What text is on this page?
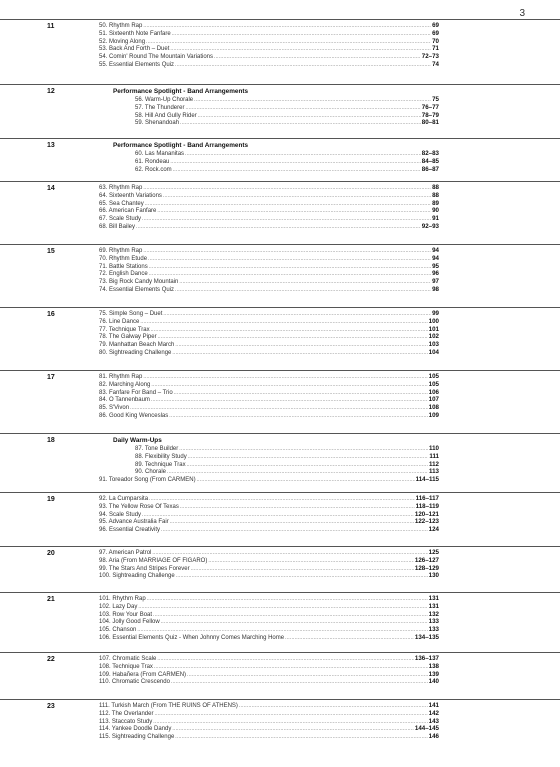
3
11	50. Rhythm Rap .....	69
51. Sixteenth Note Fanfare .....	69
52. Moving Along .....	70
53. Back And Forth – Duet .....	71
54. Comin' Round The Mountain Variations .....	72–73
55. Essential Elements Quiz .....	74
12	Performance Spotlight - Band Arrangements
56. Warm-Up Chorale .....	75
57. The Thunderer .....	76–77
58. Hill And Gully Rider .....	78–79
59. Shenandoah .....	80–81
13	Performance Spotlight - Band Arrangements
60. Las Mananitas .....	82–83
61. Rondeau .....	84–85
62. Rock.com .....	86–87
14	63. Rhythm Rap .....	88
64. Sixteenth Variations .....	88
65. Sea Chantey .....	89
66. American Fanfare .....	90
67. Scale Study .....	91
68. Bill Bailey .....	92–93
15	69. Rhythm Rap .....	94
70. Rhythm Etude .....	94
71. Battle Stations .....	95
72. English Dance .....	96
73. Big Rock Candy Mountain .....	97
74. Essential Elements Quiz .....	98
16	75. Simple Song – Duet .....	99
76. Line Dance .....	100
77. Technique Trax .....	101
78. The Galway Piper .....	102
79. Manhattan Beach March .....	103
80. Sightreading Challenge .....	104
17	81. Rhythm Rap .....	105
82. Marching Along .....	105
83. Fanfare For Band – Trio .....	106
84. O Tannenbaum .....	107
85. S'Vivon .....	108
86. Good King Wenceslas .....	109
18	Daily Warm-Ups
87. Tone Builder .....	110
88. Flexibility Study .....	111
89. Technique Trax .....	112
90. Chorale .....	113
91. Toreador Song (From CARMEN) .....	114–115
19	92. La Cumparsita .....	116–117
93. The Yellow Rose Of Texas .....	118–119
94. Scale Study .....	120–121
95. Advance Australia Fair .....	122–123
96. Essential Creativity .....	124
20	97. American Patrol .....	125
98. Aria (From MARRIAGE OF FIGARO) .....	126–127
99. The Stars And Stripes Forever .....	128–129
100. Sightreading Challenge .....	130
21	101. Rhythm Rap .....	131
102. Lazy Day .....	131
103. Row Your Boat .....	132
104. Jolly Good Fellow .....	133
105. Chanson .....	133
106. Essential Elements Quiz - When Johnny Comes Marching Home .....	134–135
22	107. Chromatic Scale .....	136–137
108. Technique Trax .....	138
109. Habañera (From CARMEN) .....	139
110. Chromatic Crescendo .....	140
23	111. Turkish March (From THE RUINS OF ATHENS) .....	141
112. The Overlander .....	142
113. Staccato Study .....	143
114. Yankee Doodle Dandy .....	144–145
115. Sightreading Challenge .....	146
